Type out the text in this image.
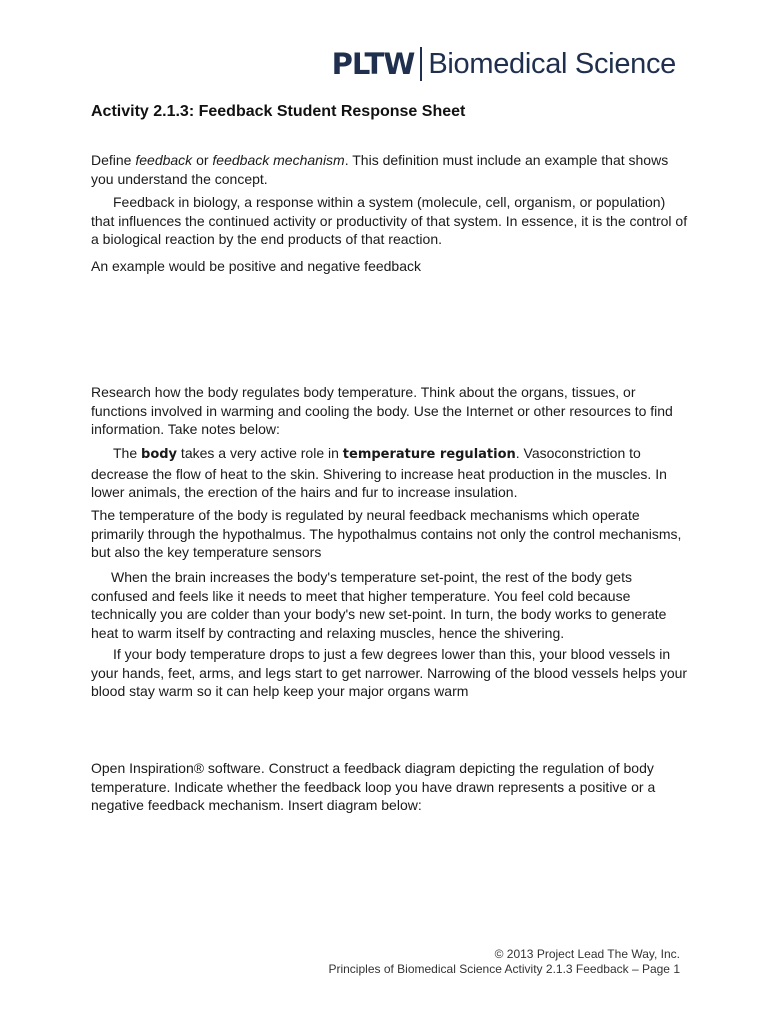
PLTW Biomedical Science
Activity 2.1.3: Feedback Student Response Sheet

Define feedback or feedback mechanism. This definition must include an example that shows you understand the concept.

Feedback in biology, a response within a system (molecule, cell, organism, or population) that influences the continued activity or productivity of that system. In essence, it is the control of a biological reaction by the end products of that reaction.

An example would be positive and negative feedback

Research how the body regulates body temperature. Think about the organs, tissues, or functions involved in warming and cooling the body. Use the Internet or other resources to find information. Take notes below:

The body takes a very active role in temperature regulation. Vasoconstriction to decrease the flow of heat to the skin. Shivering to increase heat production in the muscles. In lower animals, the erection of the hairs and fur to increase insulation.

The temperature of the body is regulated by neural feedback mechanisms which operate primarily through the hypothalmus. The hypothalmus contains not only the control mechanisms, but also the key temperature sensors

When the brain increases the body's temperature set-point, the rest of the body gets confused and feels like it needs to meet that higher temperature. You feel cold because technically you are colder than your body's new set-point. In turn, the body works to generate heat to warm itself by contracting and relaxing muscles, hence the shivering.

If your body temperature drops to just a few degrees lower than this, your blood vessels in your hands, feet, arms, and legs start to get narrower. Narrowing of the blood vessels helps your blood stay warm so it can help keep your major organs warm

Open Inspiration® software. Construct a feedback diagram depicting the regulation of body temperature. Indicate whether the feedback loop you have drawn represents a positive or a negative feedback mechanism. Insert diagram below:

© 2013 Project Lead The Way, Inc.
Principles of Biomedical Science Activity 2.1.3 Feedback – Page 1
